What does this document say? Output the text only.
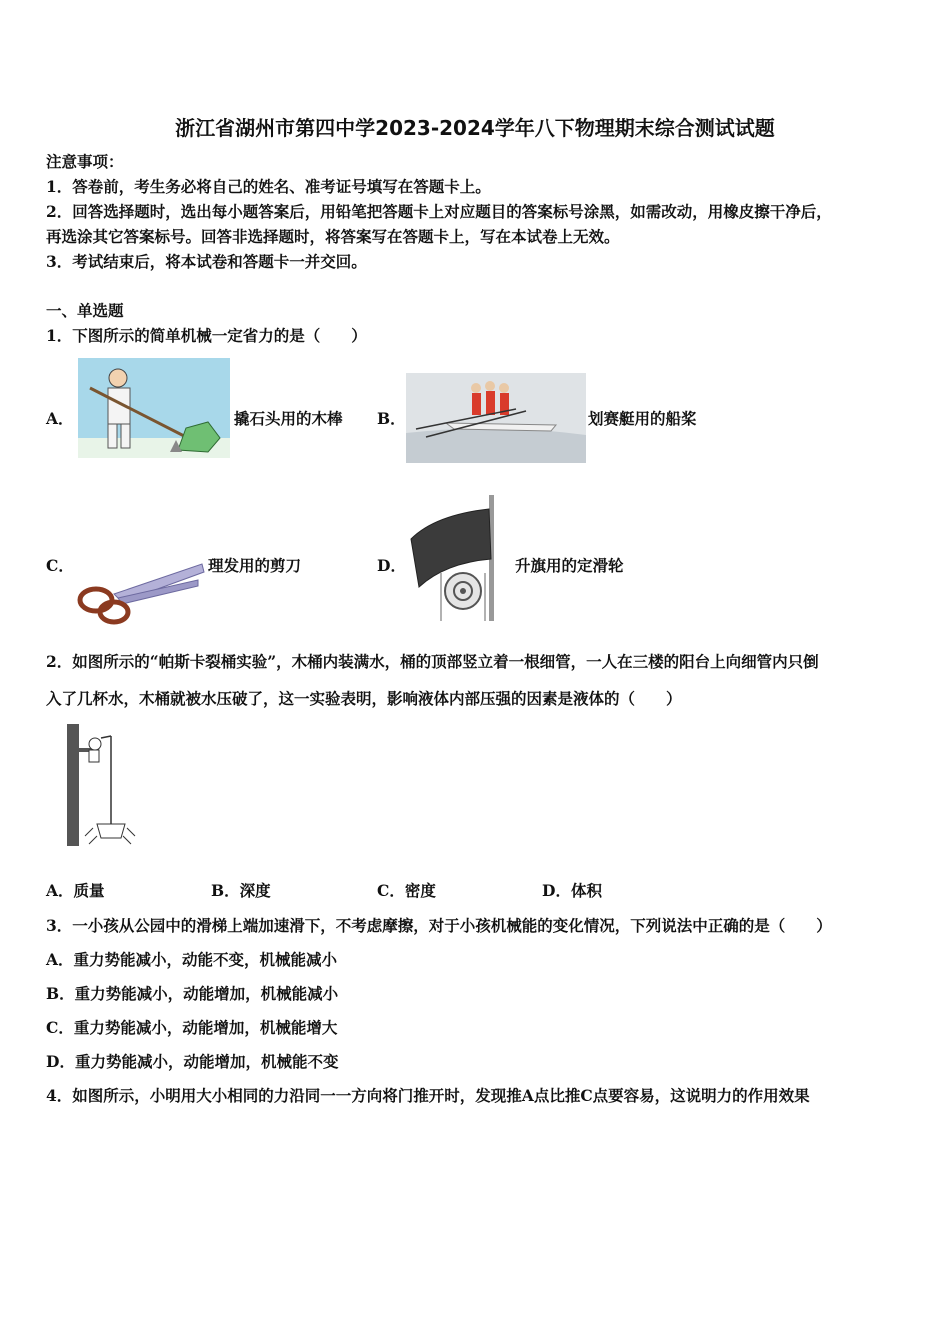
浙江省湖州市第四中学2023-2024学年八下物理期末综合测试试题
注意事项：
1．答卷前，考生务必将自己的姓名、准考证号填写在答题卡上。
2．回答选择题时，选出每小题答案后，用铅笔把答题卡上对应题目的答案标号涂黑，如需改动，用橡皮擦干净后，
再选涂其它答案标号。回答非选择题时，将答案写在答题卡上，写在本试卷上无效。
3．考试结束后，将本试卷和答题卡一并交回。
一、单选题
1．下图所示的简单机械一定省力的是（　　）
A．	撬石头用的木棒 B．	划赛艇用的船桨
C．	理发用的剪刀	D．	升旗用的定滑轮
2．如图所示的“帕斯卡裂桶实验”，木桶内装满水，桶的顶部竖立着一根细管，一人在三楼的阳台上向细管内只倒
入了几杯水，木桶就被水压破了，这一实验表明，影响液体内部压强的因素是液体的（　　）
A．质量	B．深度	C．密度	D．体积
3．一小孩从公园中的滑梯上端加速滑下，不考虑摩擦，对于小孩机械能的变化情况，下列说法中正确的是（　　）
A．重力势能减小，动能不变，机械能减小
B．重力势能减小，动能增加，机械能减小
C．重力势能减小，动能增加，机械能增大
D．重力势能减小，动能增加，机械能不变
4．如图所示，小明用大小相同的力沿同一一方向将门推开时，发现推A点比推C点要容易，这说明力的作用效果
